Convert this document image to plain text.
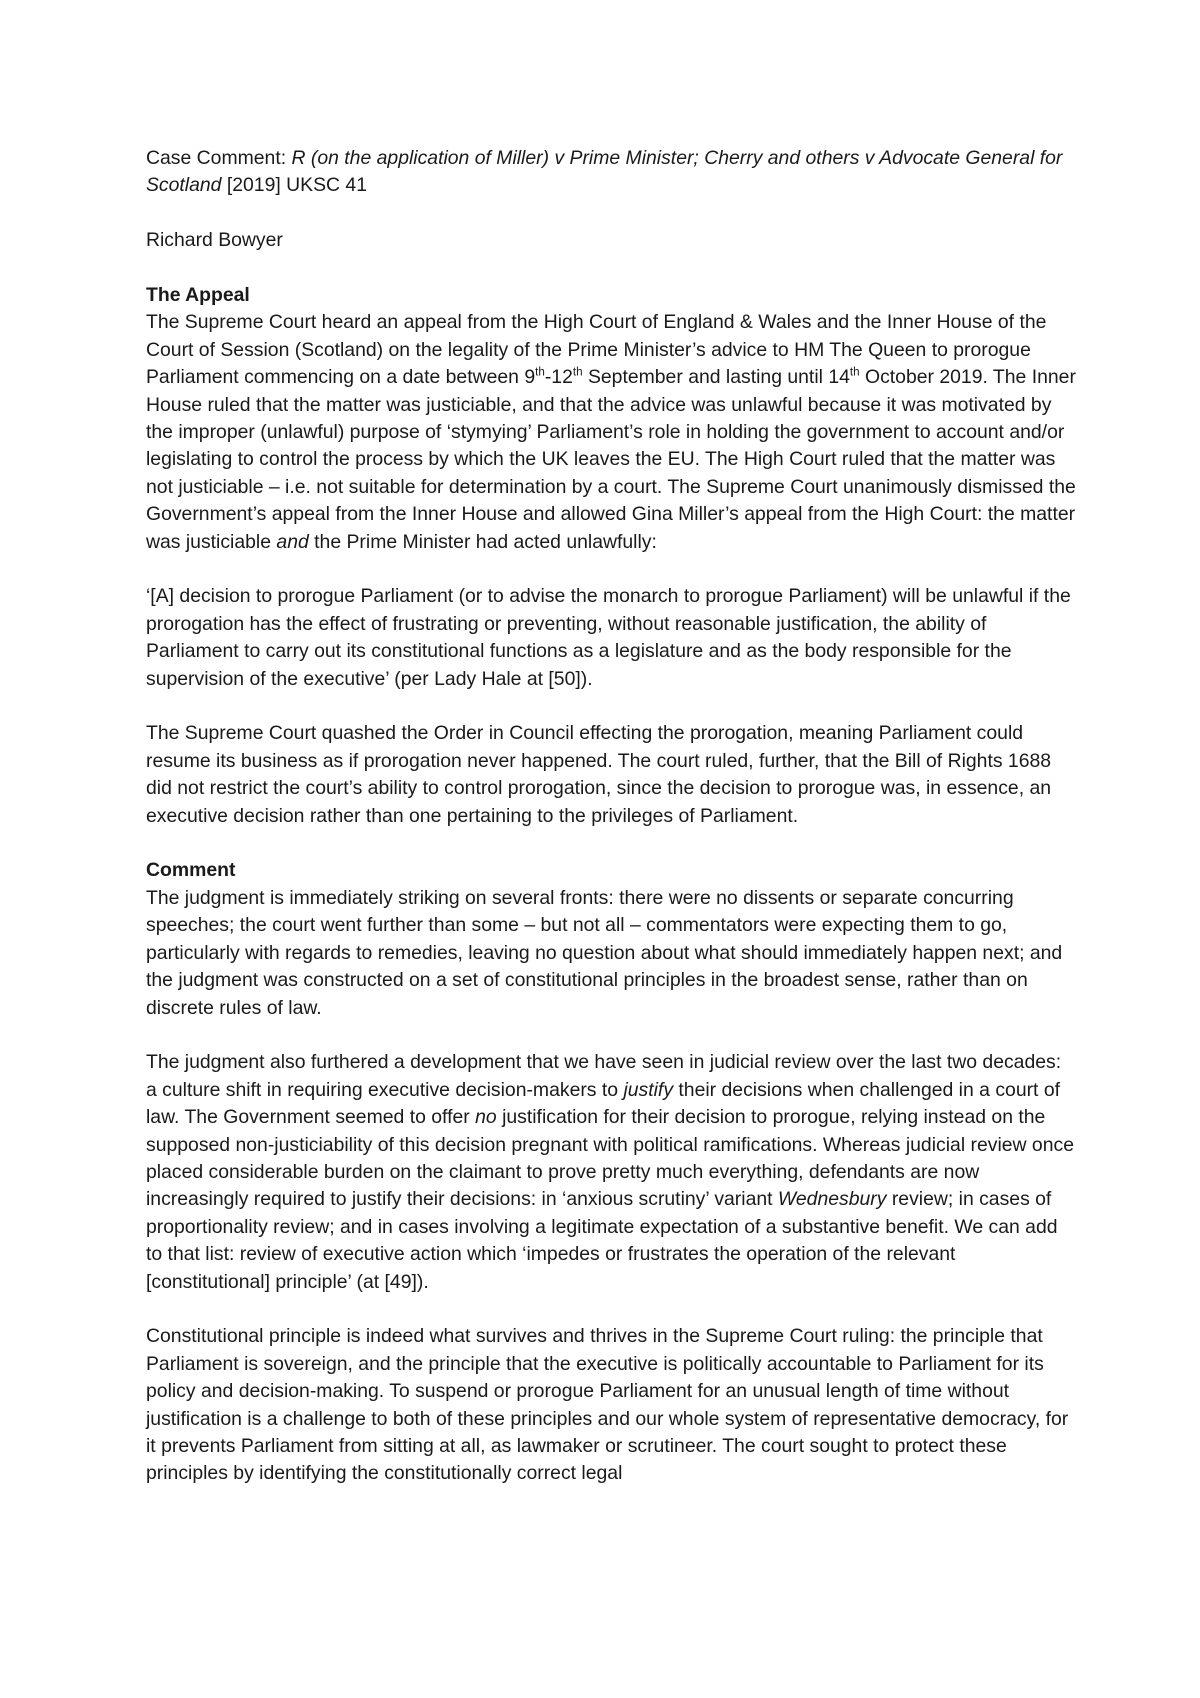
Case Comment: R (on the application of Miller) v Prime Minister; Cherry and others v Advocate General for Scotland [2019] UKSC 41

Richard Bowyer

The Appeal

The Supreme Court heard an appeal from the High Court of England & Wales and the Inner House of the Court of Session (Scotland) on the legality of the Prime Minister’s advice to HM The Queen to prorogue Parliament commencing on a date between 9th-12th September and lasting until 14th October 2019. The Inner House ruled that the matter was justiciable, and that the advice was unlawful because it was motivated by the improper (unlawful) purpose of ‘stymying’ Parliament’s role in holding the government to account and/or legislating to control the process by which the UK leaves the EU. The High Court ruled that the matter was not justiciable – i.e. not suitable for determination by a court. The Supreme Court unanimously dismissed the Government’s appeal from the Inner House and allowed Gina Miller’s appeal from the High Court: the matter was justiciable and the Prime Minister had acted unlawfully:

‘[A] decision to prorogue Parliament (or to advise the monarch to prorogue Parliament) will be unlawful if the prorogation has the effect of frustrating or preventing, without reasonable justification, the ability of Parliament to carry out its constitutional functions as a legislature and as the body responsible for the supervision of the executive’ (per Lady Hale at [50]).

The Supreme Court quashed the Order in Council effecting the prorogation, meaning Parliament could resume its business as if prorogation never happened. The court ruled, further, that the Bill of Rights 1688 did not restrict the court’s ability to control prorogation, since the decision to prorogue was, in essence, an executive decision rather than one pertaining to the privileges of Parliament.

Comment

The judgment is immediately striking on several fronts: there were no dissents or separate concurring speeches; the court went further than some – but not all – commentators were expecting them to go, particularly with regards to remedies, leaving no question about what should immediately happen next; and the judgment was constructed on a set of constitutional principles in the broadest sense, rather than on discrete rules of law.

The judgment also furthered a development that we have seen in judicial review over the last two decades: a culture shift in requiring executive decision-makers to justify their decisions when challenged in a court of law. The Government seemed to offer no justification for their decision to prorogue, relying instead on the supposed non-justiciability of this decision pregnant with political ramifications. Whereas judicial review once placed considerable burden on the claimant to prove pretty much everything, defendants are now increasingly required to justify their decisions: in ‘anxious scrutiny’ variant Wednesbury review; in cases of proportionality review; and in cases involving a legitimate expectation of a substantive benefit. We can add to that list: review of executive action which ‘impedes or frustrates the operation of the relevant [constitutional] principle’ (at [49]).

Constitutional principle is indeed what survives and thrives in the Supreme Court ruling: the principle that Parliament is sovereign, and the principle that the executive is politically accountable to Parliament for its policy and decision-making. To suspend or prorogue Parliament for an unusual length of time without justification is a challenge to both of these principles and our whole system of representative democracy, for it prevents Parliament from sitting at all, as lawmaker or scrutineer. The court sought to protect these principles by identifying the constitutionally correct legal
